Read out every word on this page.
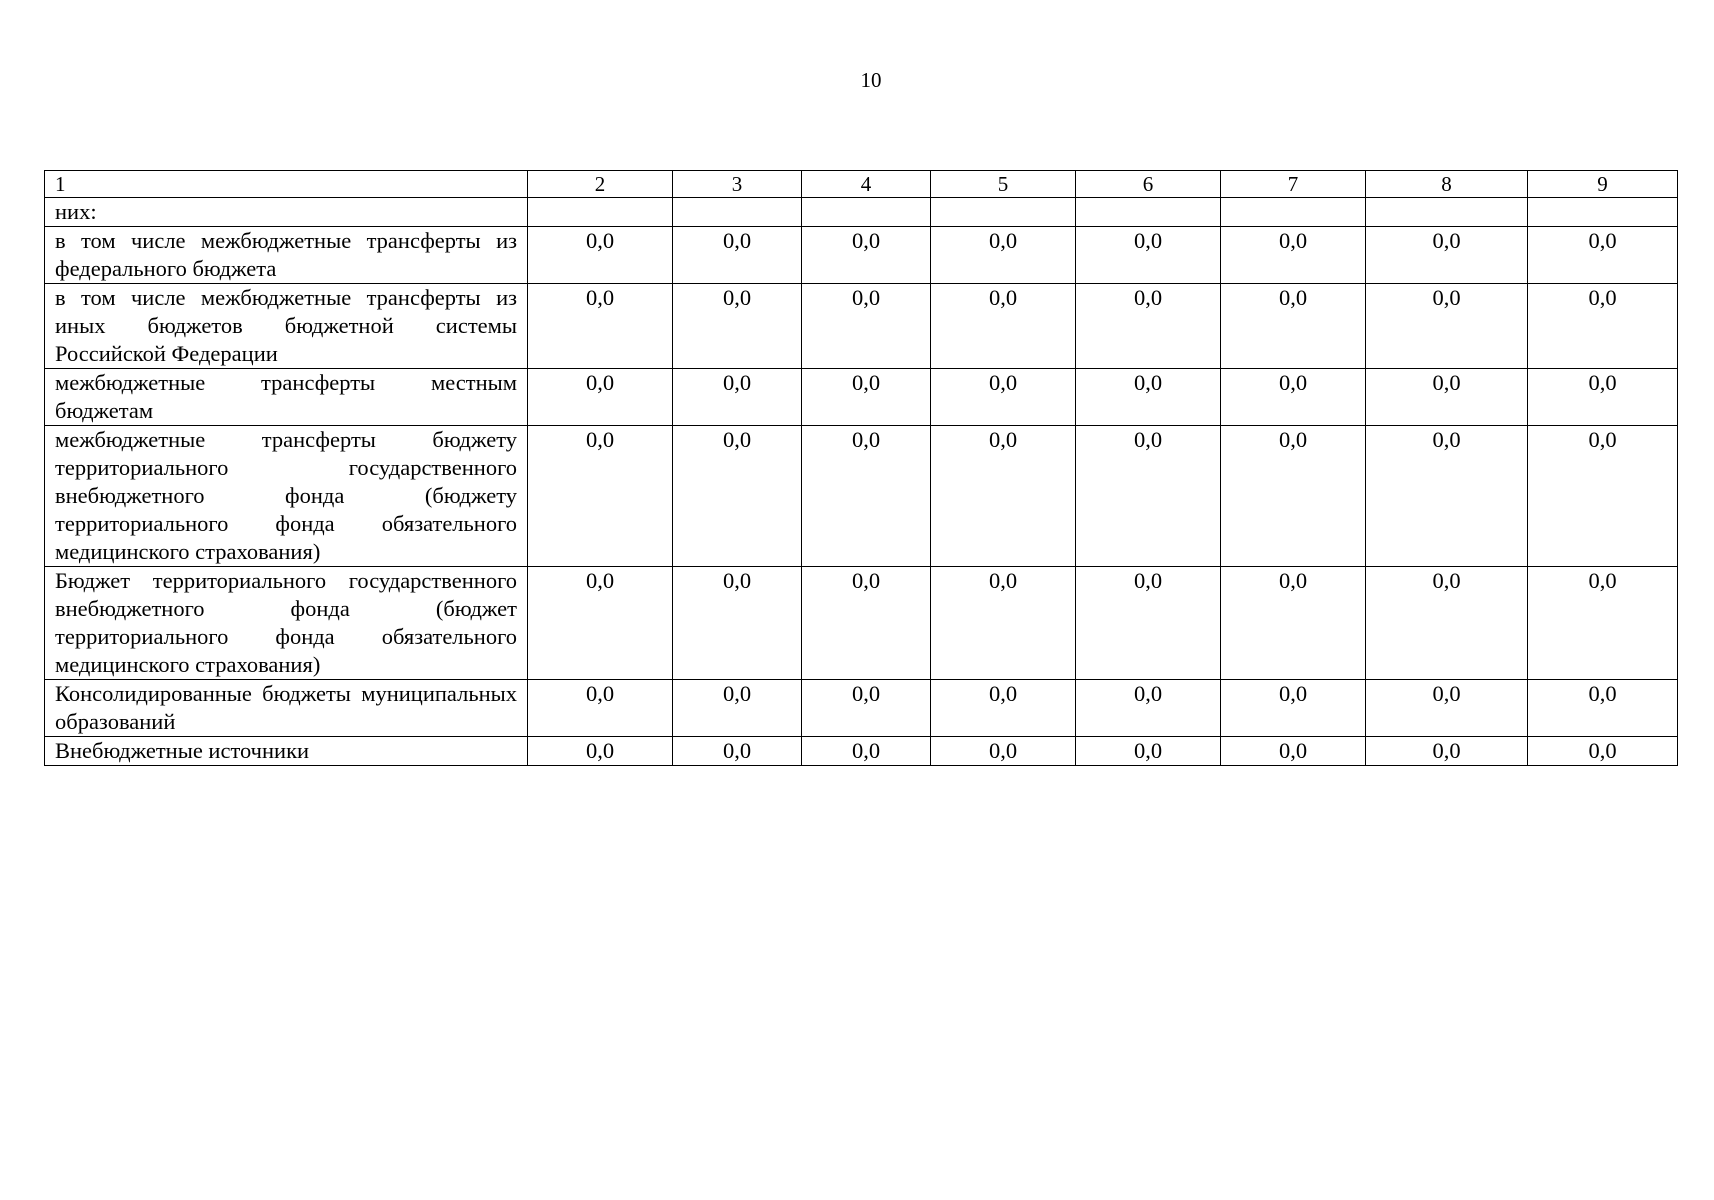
10
1	2	3	4	5	6	7	8	9
них:								
в том числе межбюджетные трансферты из федерального бюджета	0,0	0,0	0,0	0,0	0,0	0,0	0,0	0,0
в том числе межбюджетные трансферты из иных бюджетов бюджетной системы Российской Федерации	0,0	0,0	0,0	0,0	0,0	0,0	0,0	0,0
межбюджетные трансферты местным бюджетам	0,0	0,0	0,0	0,0	0,0	0,0	0,0	0,0
межбюджетные трансферты бюджету территориального государственного внебюджетного фонда (бюджету территориального фонда обязательного медицинского страхования)	0,0	0,0	0,0	0,0	0,0	0,0	0,0	0,0
Бюджет территориального государственного внебюджетного фонда (бюджет территориального фонда обязательного медицинского страхования)	0,0	0,0	0,0	0,0	0,0	0,0	0,0	0,0
Консолидированные бюджеты муниципальных образований	0,0	0,0	0,0	0,0	0,0	0,0	0,0	0,0
Внебюджетные источники	0,0	0,0	0,0	0,0	0,0	0,0	0,0	0,0
